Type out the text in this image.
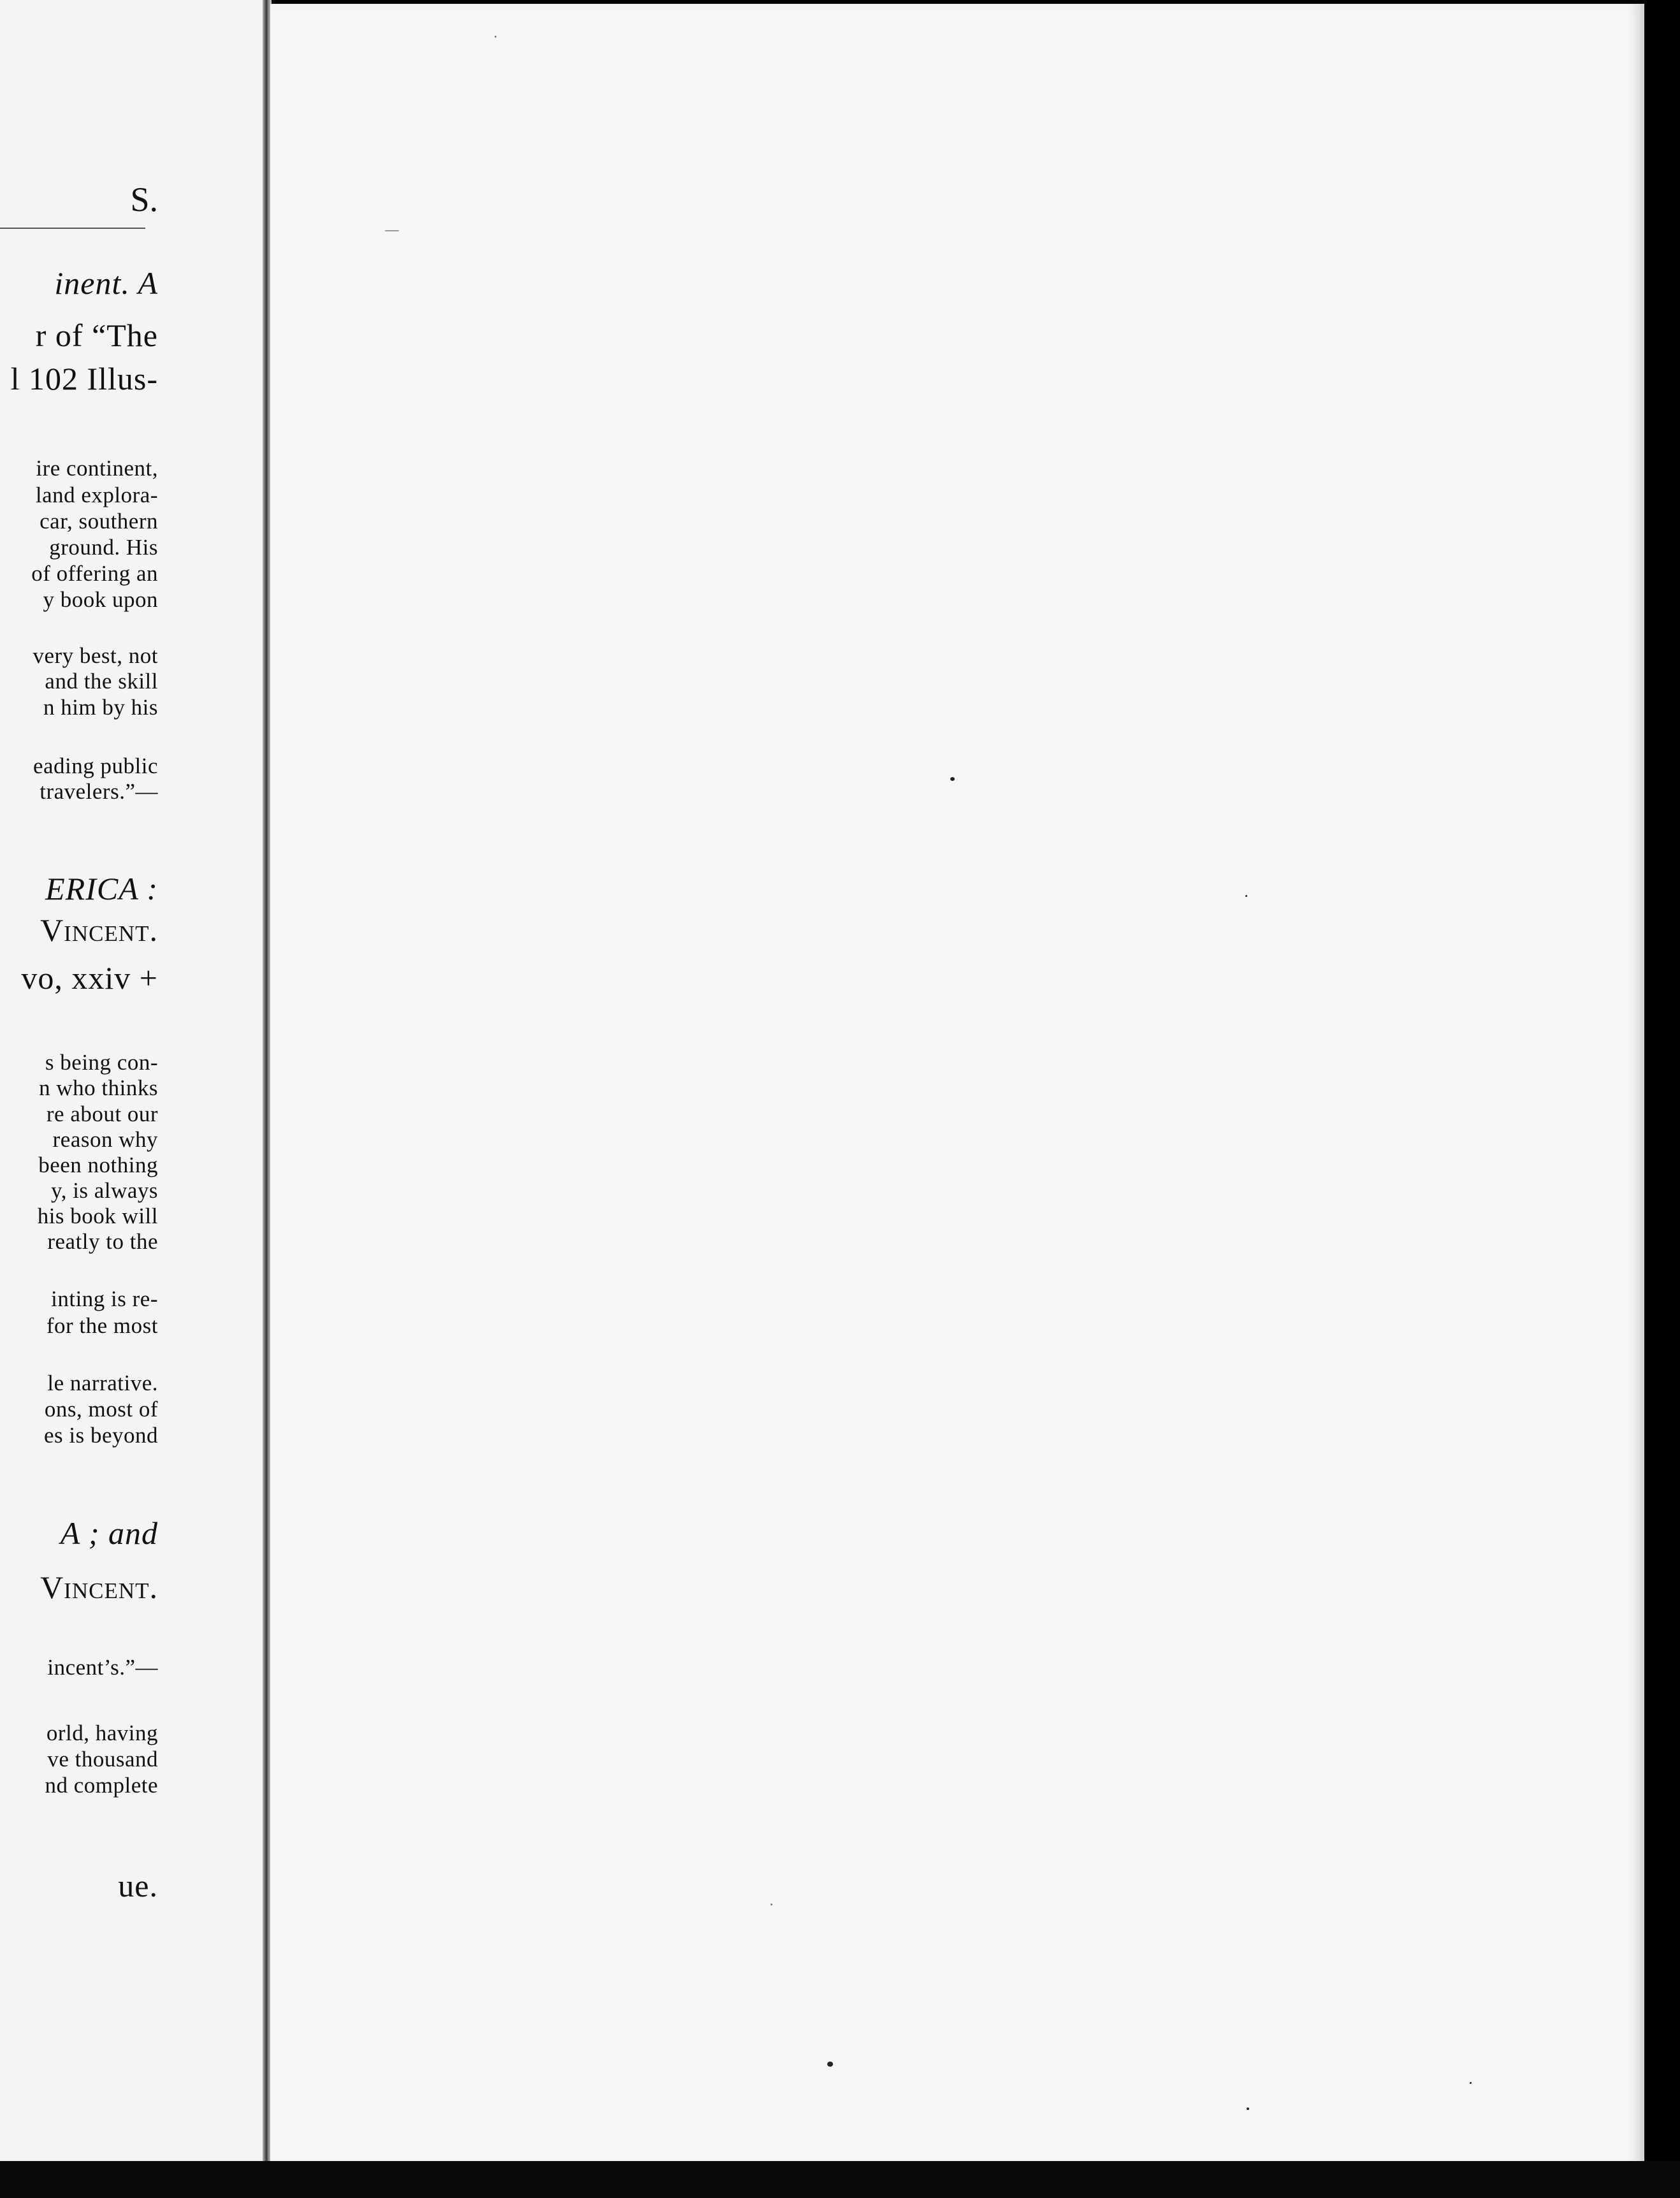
S.
inent. A
r of “The
l 102 Illus-
ire continent,
land explora-
car, southern
ground. His
of offering an
y book upon
very best, not
and the skill
n him by his
eading public
travelers.”—
ERICA :
Vincent.
vo, xxiv +
s being con-
n who thinks
re about our
reason why
been nothing
y, is always
his book will
reatly to the
inting is re-
for the most
le narrative.
ons, most of
es is beyond
A ; and
Vincent.
incent’s.”—
orld, having
ve thousand
nd complete
ue.
